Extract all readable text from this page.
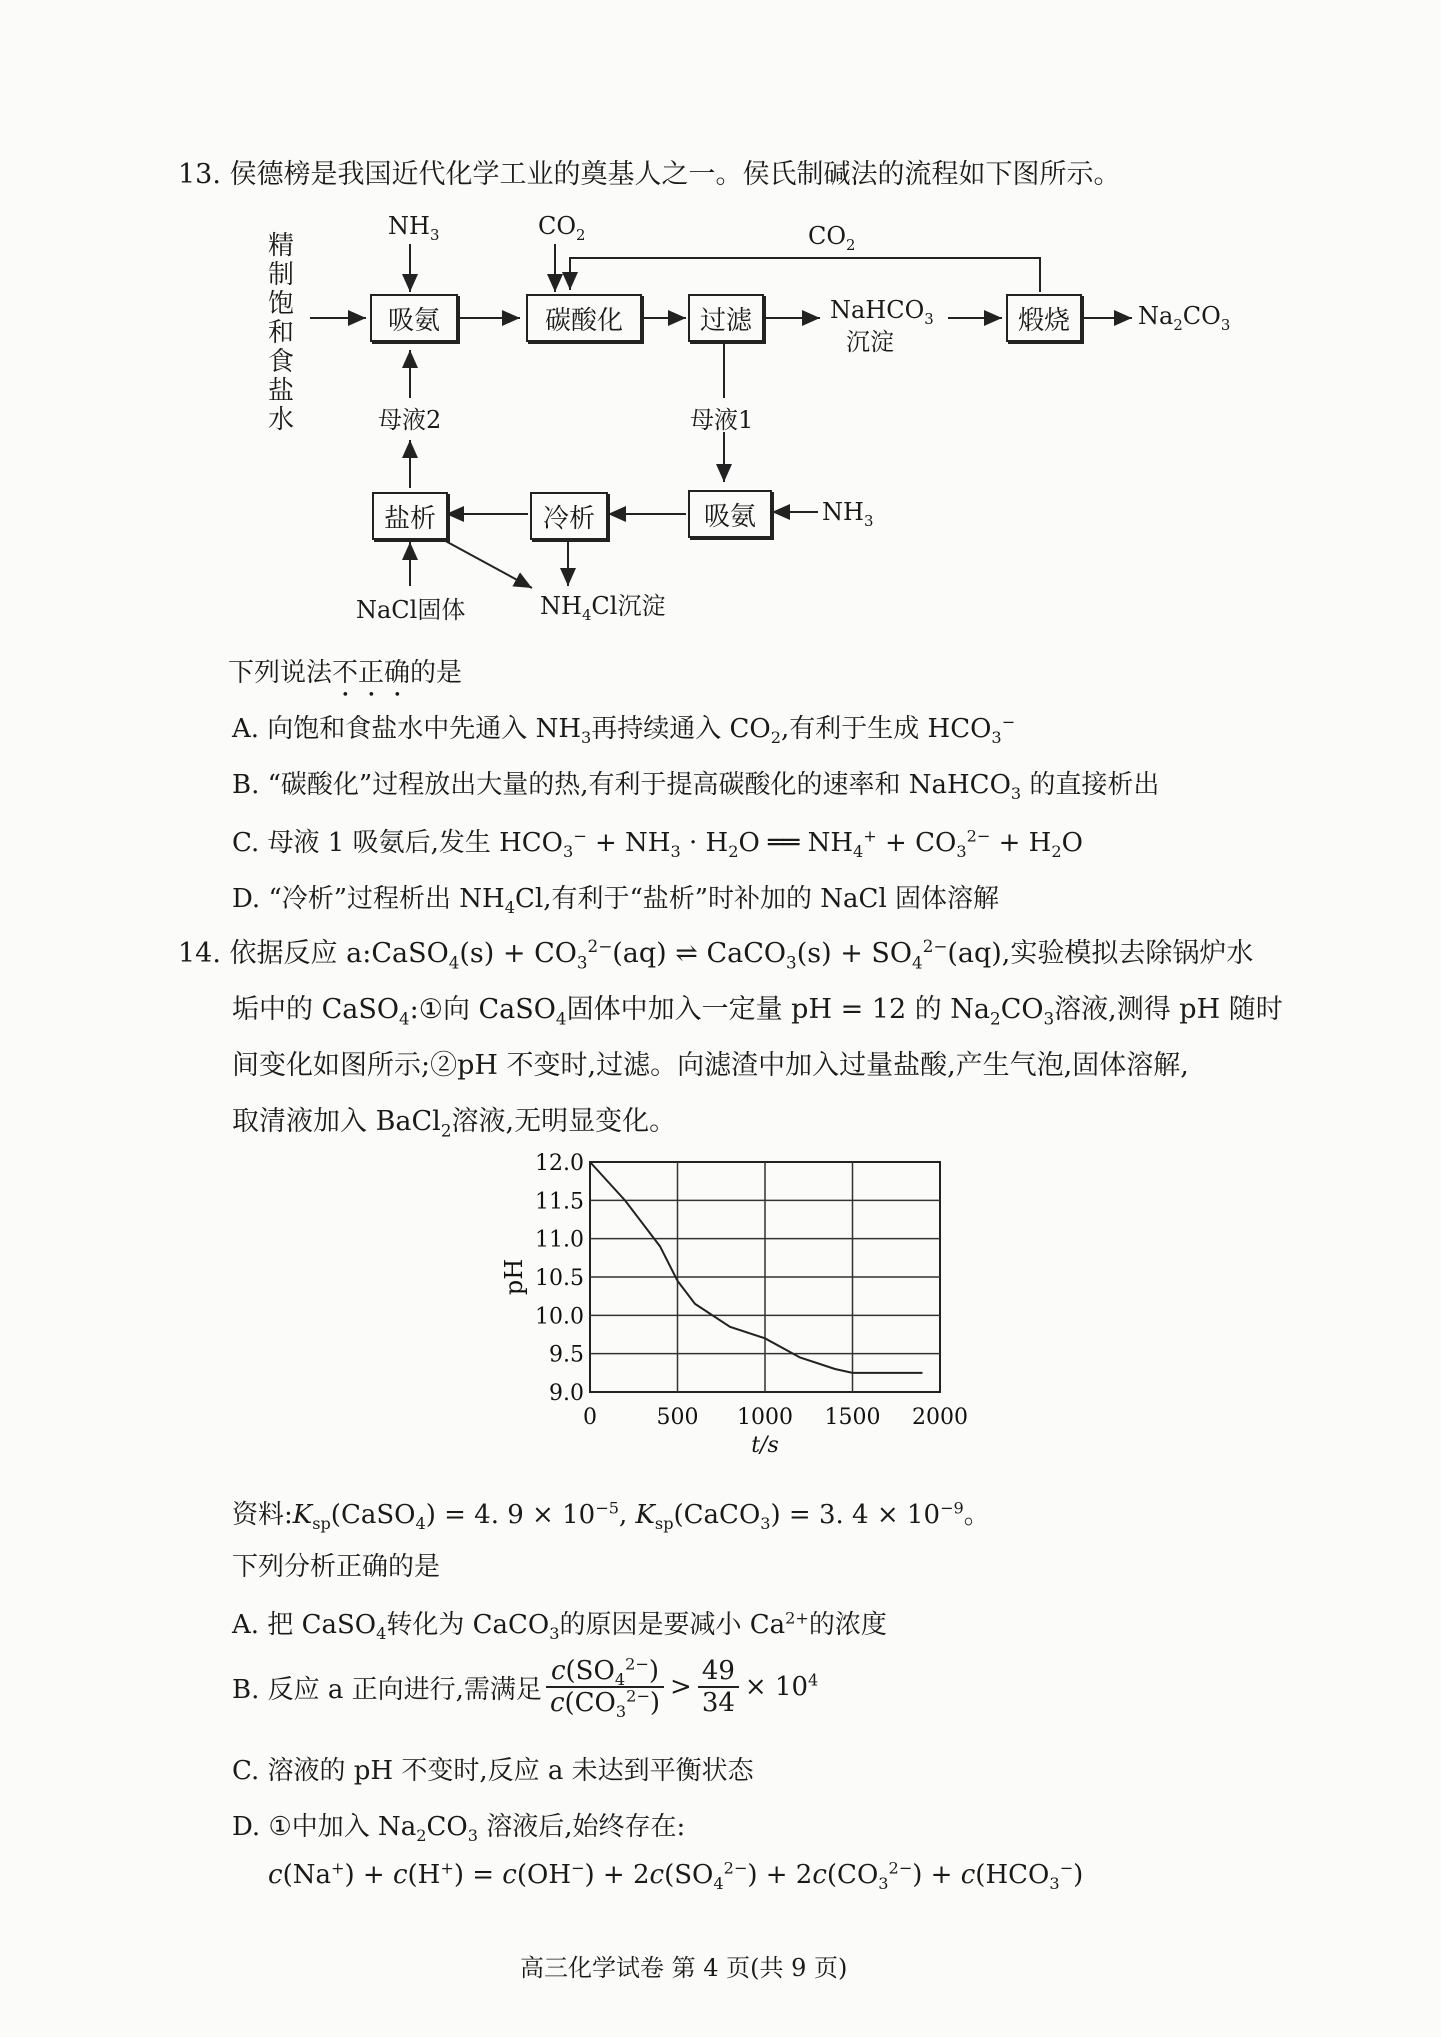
13. 侯德榜是我国近代化学工业的奠基人之一。侯氏制碱法的流程如下图所示。
精制饱和食盐水
$NH_3$	$CO_2$	$CO_2$
吸氨	碳酸化	过滤	NaHCO$_3$
沉淀
煅烧	$Na_2CO_3$
母液1
母液2
吸氨	$NH_3$
冷析
盐析
NaCl固体	$NH_4Cl$沉淀
下列说法不正确的是
A. 向饱和食盐水中先通入 $NH_3$再持续通入 $CO_2$,有利于生成 $HCO_3^-$
B. “碳酸化”过程放出大量的热,有利于提高碳酸化的速率和 NaHCO$_3$ 的直接析出
C. 母液 1 吸氨后,发生 $HCO_3^- + NH_3 \cdot H_2O$ ══ $NH_4^+ + CO_3^{2-} + H_2O$
D. “冷析”过程析出 $NH_4Cl$,有利于“盐析”时补加的 NaCl 固体溶解
14. 依据反应 a:CaSO$_4$(s) + $CO_3^{2-}(aq)$ ⇌ CaCO$_3$(s) + $SO_4^{2-}(aq)$,实验模拟去除锅炉水
垢中的 CaSO$_4$:①向 CaSO$_4$固体中加入一定量 pH = 12 的 $Na_2CO_3$溶液,测得 pH 随时
间变化如图所示;②pH 不变时,过滤。向滤渣中加入过量盐酸,产生气泡,固体溶解,
取清液加入 BaCl$_2$溶液,无明显变化。
12.0
11.5
11.0
10.5
10.0
9.5
9.0
0	500 1000 1500 2000
t/s
pH
资料$:K_{sp}(CaSO_4) = 4$. $9 \times 10^{-5}$, $K_{sp}(CaCO_3) = 3$. $4 \times 10^{-9}$。
下列分析正确的是
A. 把 CaSO$_4$转化为 CaCO$_3$的原因是要减小 $Ca^{2+}$的浓度
B. 反应 a 正向进行,需满足 $\frac{c(SO_4^{2-})}{c(CO_3^{2-})} > \frac{49}{34} \times 10^4$
C. 溶液的 pH 不变时,反应 a 未达到平衡状态
D. ①中加入 $Na_2CO_3$ 溶液后,始终存在:
$c(Na^+) + c(H^+) = c(OH^-) + 2c(SO_4^{2-}) + 2c(CO_3^{2-}) + c(HCO_3^-)$
高三化学试卷 第 4 页(共 9 页)
